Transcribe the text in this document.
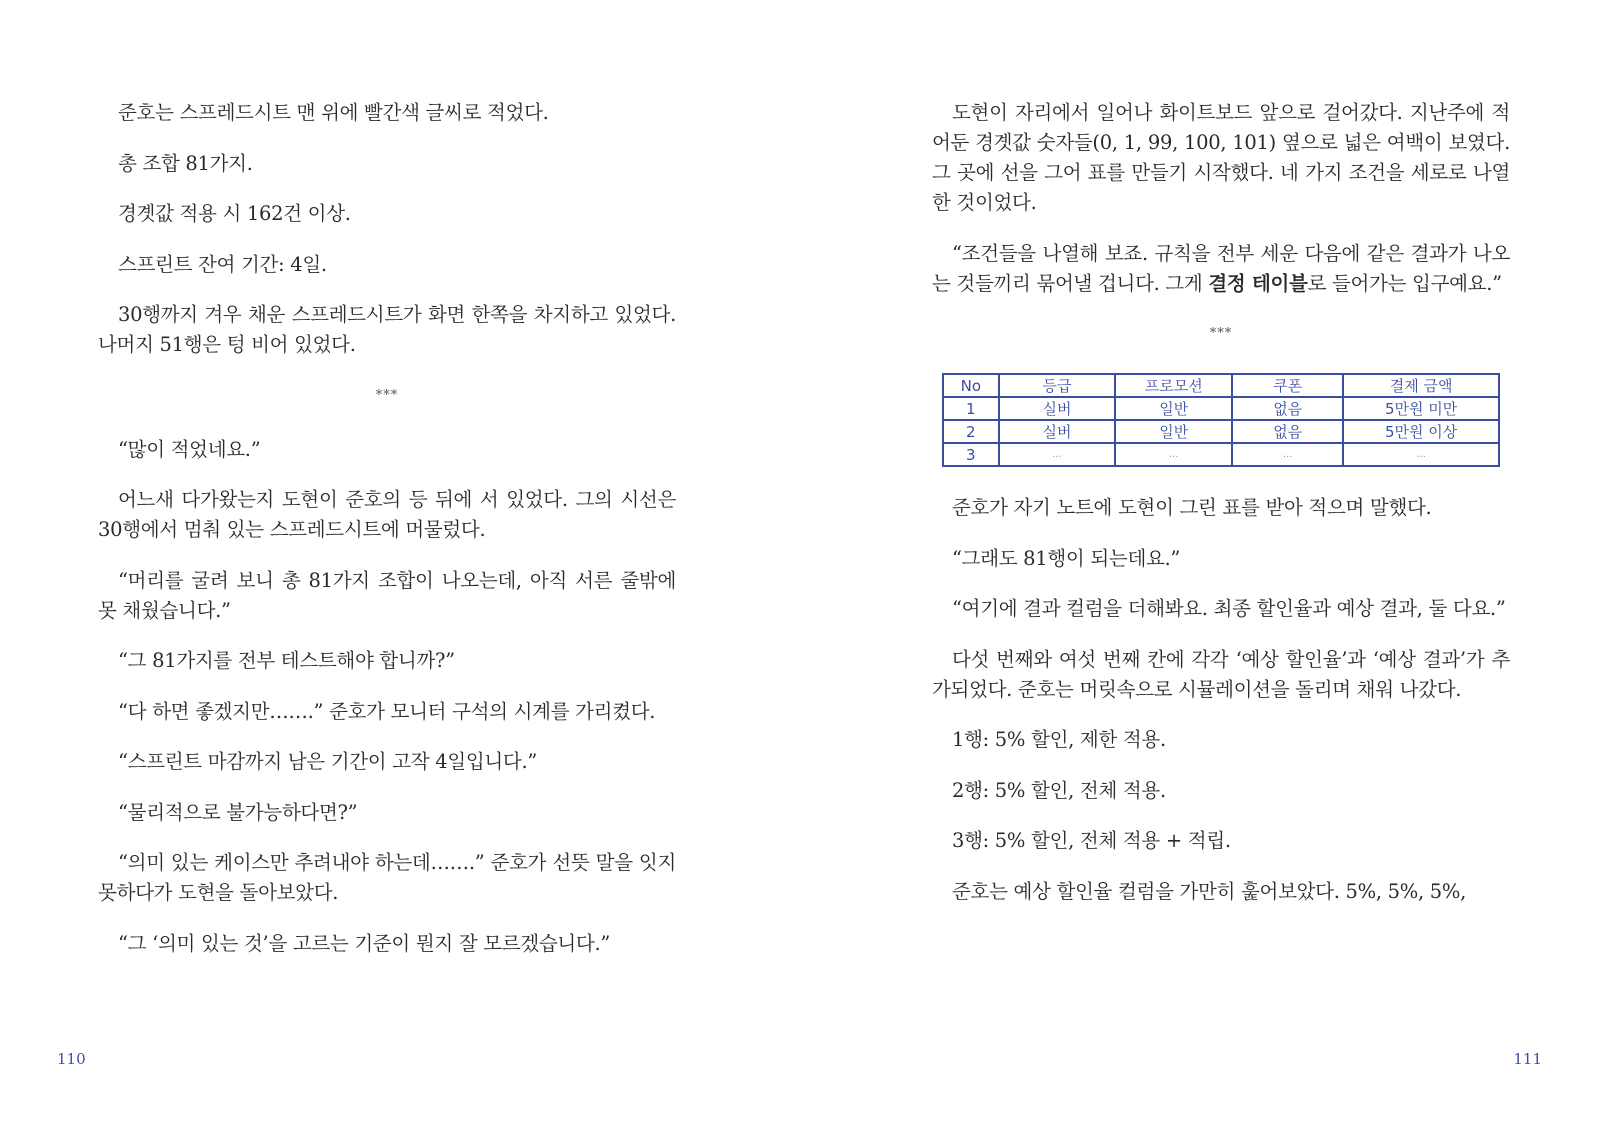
준호는 스프레드시트 맨 위에 빨간색 글씨로 적었다.

총 조합 81가지.

경곗값 적용 시 162건 이상.

스프린트 잔여 기간: 4일.

30행까지 겨우 채운 스프레드시트가 화면 한쪽을 차지하고 있었다. 나머지 51행은 텅 비어 있었다.

***

“많이 적었네요.”

어느새 다가왔는지 도현이 준호의 등 뒤에 서 있었다. 그의 시선은 30행에서 멈춰 있는 스프레드시트에 머물렀다.

“머리를 굴려 보니 총 81가지 조합이 나오는데, 아직 서른 줄밖에 못 채웠습니다.”

“그 81가지를 전부 테스트해야 합니까?”

“다 하면 좋겠지만…….” 준호가 모니터 구석의 시계를 가리켰다.

“스프린트 마감까지 남은 기간이 고작 4일입니다.”

“물리적으로 불가능하다면?”

“의미 있는 케이스만 추려내야 하는데…….” 준호가 선뜻 말을 잇지 못하다가 도현을 돌아보았다.

“그 ‘의미 있는 것’을 고르는 기준이 뭔지 잘 모르겠습니다.”

110

도현이 자리에서 일어나 화이트보드 앞으로 걸어갔다. 지난주에 적어둔 경곗값 숫자들(0, 1, 99, 100, 101) 옆으로 넓은 여백이 보였다. 그 곳에 선을 그어 표를 만들기 시작했다. 네 가지 조건을 세로로 나열한 것이었다.

“조건들을 나열해 보죠. 규칙을 전부 세운 다음에 같은 결과가 나오는 것들끼리 묶어낼 겁니다. 그게 결정 테이블로 들어가는 입구예요.”

***

No	등급	프로모션	쿠폰	결제 금액
1	실버	일반	없음	5만원 미만
2	실버	일반	없음	5만원 이상
3	...	...	...	...

준호가 자기 노트에 도현이 그린 표를 받아 적으며 말했다.

“그래도 81행이 되는데요.”

“여기에 결과 컬럼을 더해봐요. 최종 할인율과 예상 결과, 둘 다요.”

다섯 번째와 여섯 번째 칸에 각각 ‘예상 할인율’과 ‘예상 결과’가 추가되었다. 준호는 머릿속으로 시뮬레이션을 돌리며 채워 나갔다.

1행: 5% 할인, 제한 적용.

2행: 5% 할인, 전체 적용.

3행: 5% 할인, 전체 적용 + 적립.

준호는 예상 할인율 컬럼을 가만히 훑어보았다. 5%, 5%, 5%,

111
